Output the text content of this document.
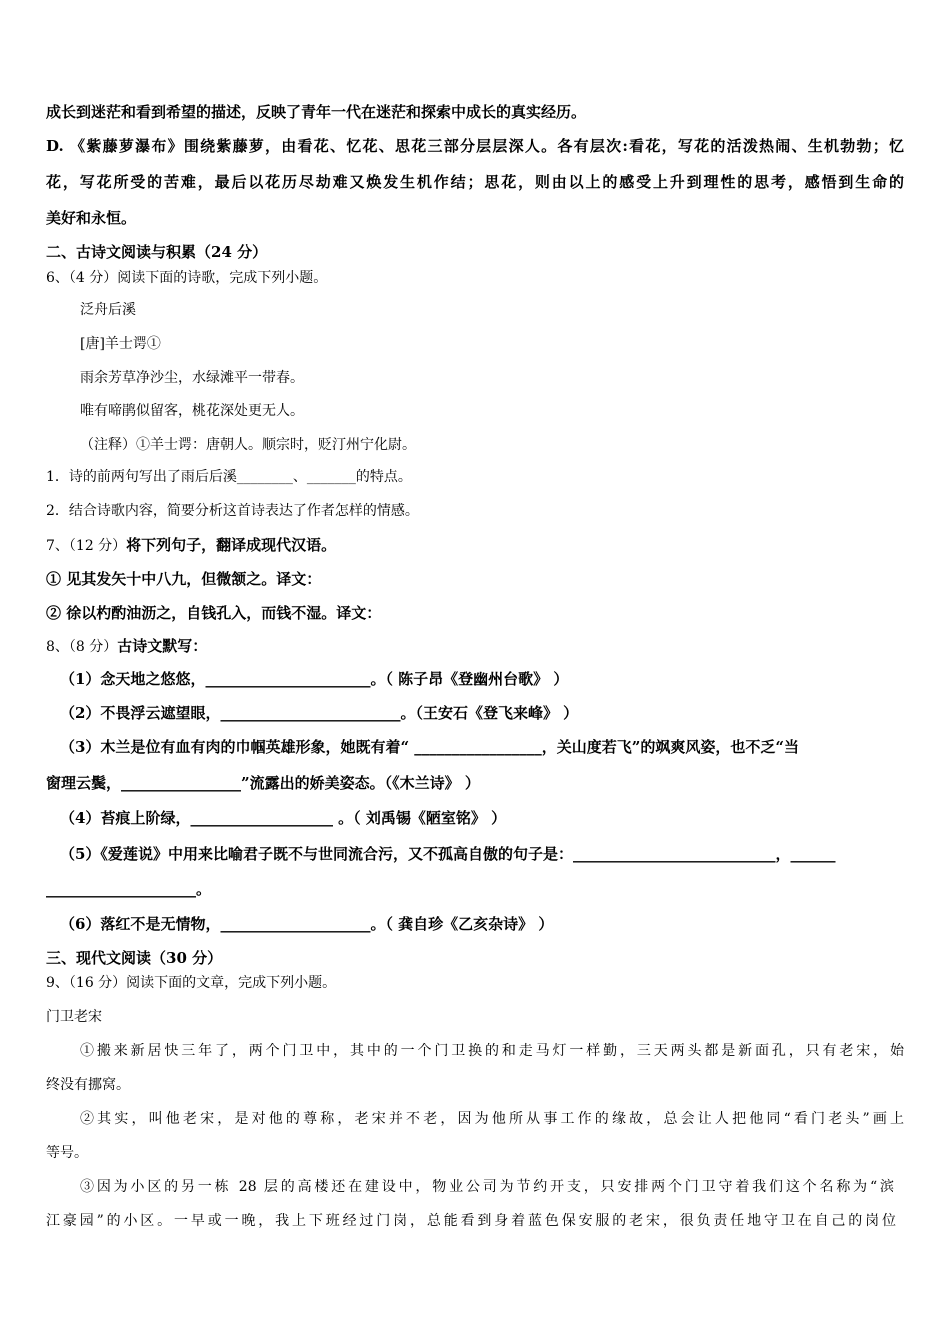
成长到迷茫和看到希望的描述，反映了青年一代在迷茫和探索中成长的真实经历。
D. 《紫藤萝瀑布》围绕紫藤萝，由看花、忆花、思花三部分层层深人。各有层次:看花，写花的活泼热闹、生机勃勃；忆
花，写花所受的苦难，最后以花历尽劫难又焕发生机作结；思花，则由以上的感受上升到理性的思考，感悟到生命的
美好和永恒。
二、古诗文阅读与积累（24 分）
6、（4 分）阅读下面的诗歌，完成下列小题。
泛舟后溪
[唐]羊士谔①
雨余芳草净沙尘，水绿滩平一带春。
唯有啼鹃似留客，桃花深处更无人。
（注释）①羊士谔：唐朝人。顺宗时，贬汀州宁化尉。
1．诗的前两句写出了雨后后溪________、_______的特点。
2．结合诗歌内容，简要分析这首诗表达了作者怎样的情感。
7、（12 分）将下列句子，翻译成现代汉语。
① 见其发矢十中八九，但微颔之。译文：
② 徐以杓酌油沥之，自钱孔入，而钱不湿。译文：
8、（8 分）古诗文默写：
（1）念天地之悠悠，______________________。（ 陈子昂《登幽州台歌》 ）
（2）不畏浮云遮望眼，________________________。（王安石《登飞来峰》 ）
（3）木兰是位有血有肉的巾帼英雄形象，她既有着“ _________________，关山度若飞”的飒爽风姿，也不乏“当
窗理云鬓，________________”流露出的娇美姿态。（《木兰诗》 ）
（4）苔痕上阶绿，___________________ 。（ 刘禹锡《陋室铭》 ）
（5）《爱莲说》中用来比喻君子既不与世同流合污，又不孤高自傲的句子是：___________________________，______
____________________。
（6）落红不是无情物，____________________。（ 龚自珍《乙亥杂诗》 ）
三、现代文阅读（30 分）
9、（16 分）阅读下面的文章，完成下列小题。
门卫老宋
①搬来新居快三年了，两个门卫中，其中的一个门卫换的和走马灯一样勤，三天两头都是新面孔，只有老宋，始
终没有挪窝。
②其实，叫他老宋，是对他的尊称，老宋并不老，因为他所从事工作的缘故，总会让人把他同“看门老头”画上
等号。
③因为小区的另一栋 28 层的高楼还在建设中，物业公司为节约开支，只安排两个门卫守着我们这个名称为“滨
江豪园”的小区。一早或一晚，我上下班经过门岗，总能看到身着蓝色保安服的老宋，很负责任地守卫在自己的岗位
